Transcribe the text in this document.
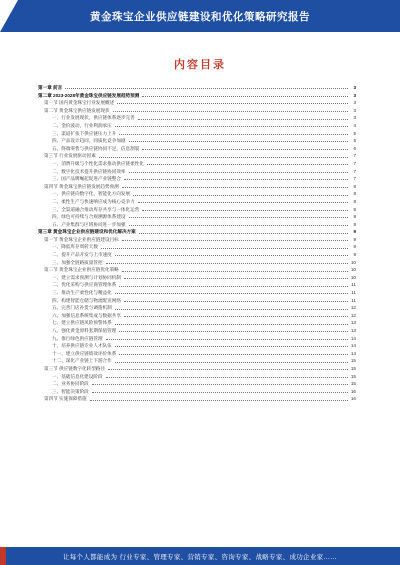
黄金珠宝企业供应链建设和优化策略研究报告
内容目录
第一章 前言	3
第二章 2023-2028年黄金珠宝供应链发展趋势预测	3
第一节 国内黄金珠宝行业发展概述	3
第二节 黄金珠宝供应链发展现状	3
一、行业发展现状，供应链体系逐步完善	3
二、金价波动，行业利润承压	4
三、渠道扩张下供应链压力上升	5
四、产品设计趋同，同质化竞争加剧	5
五、终端零售与供应链协同不足，信息割裂	6
第三节 行业发展驱动因素	7
一、消费升级与个性化需求推动供应链柔性化	7
二、数字化技术提升供应链协同效率	7
三、国产品牌崛起促进产业链整合	7
第四节 黄金珠宝供应链发展趋势预测	8
一、供应链向数字化、智能化方向发展	8
二、柔性生产与快速响应成为核心竞争力	8
三、全渠道融合推动库存共享与一体化运营	8
四、绿色可持续与合规溯源体系建设	8
五、产业集群与区域协同进一步加强	8
第三章 黄金珠宝企业供应链建设和优化解决方案	9
第一节 黄金珠宝企业供应链建设目标	9
一、降低库存周转天数	9
二、提升产品开发与上市速度	9
三、加强全链路质量管控	10
第二节 黄金珠宝企业供应链优化策略	10
一、建立需求预测与计划协同机制	10
二、优化采购与供应商管理体系	11
三、推动生产柔性化与精益化	11
四、构建智能仓储与物流配送网络	11
五、完善门店补货与调拨机制	12
六、加强信息系统集成与数据共享	12
七、建立供应链风险预警体系	13
八、强化黄金原料套期保值管理	13
九、推行绿色供应链管理	14
十、培养供应链专业人才队伍	14
十一、建立供应链绩效评价体系	14
十二、深化产业链上下游合作	15
第三节 供应链数字化转型路径	15
一、基础信息化建设阶段	15
二、业务协同阶段	15
三、智能决策阶段	16
第四节 实施保障措施	16
让每个人都能成为 行业专家、管理专家、营销专家、咨询专家、战略专家、成功企业家……
